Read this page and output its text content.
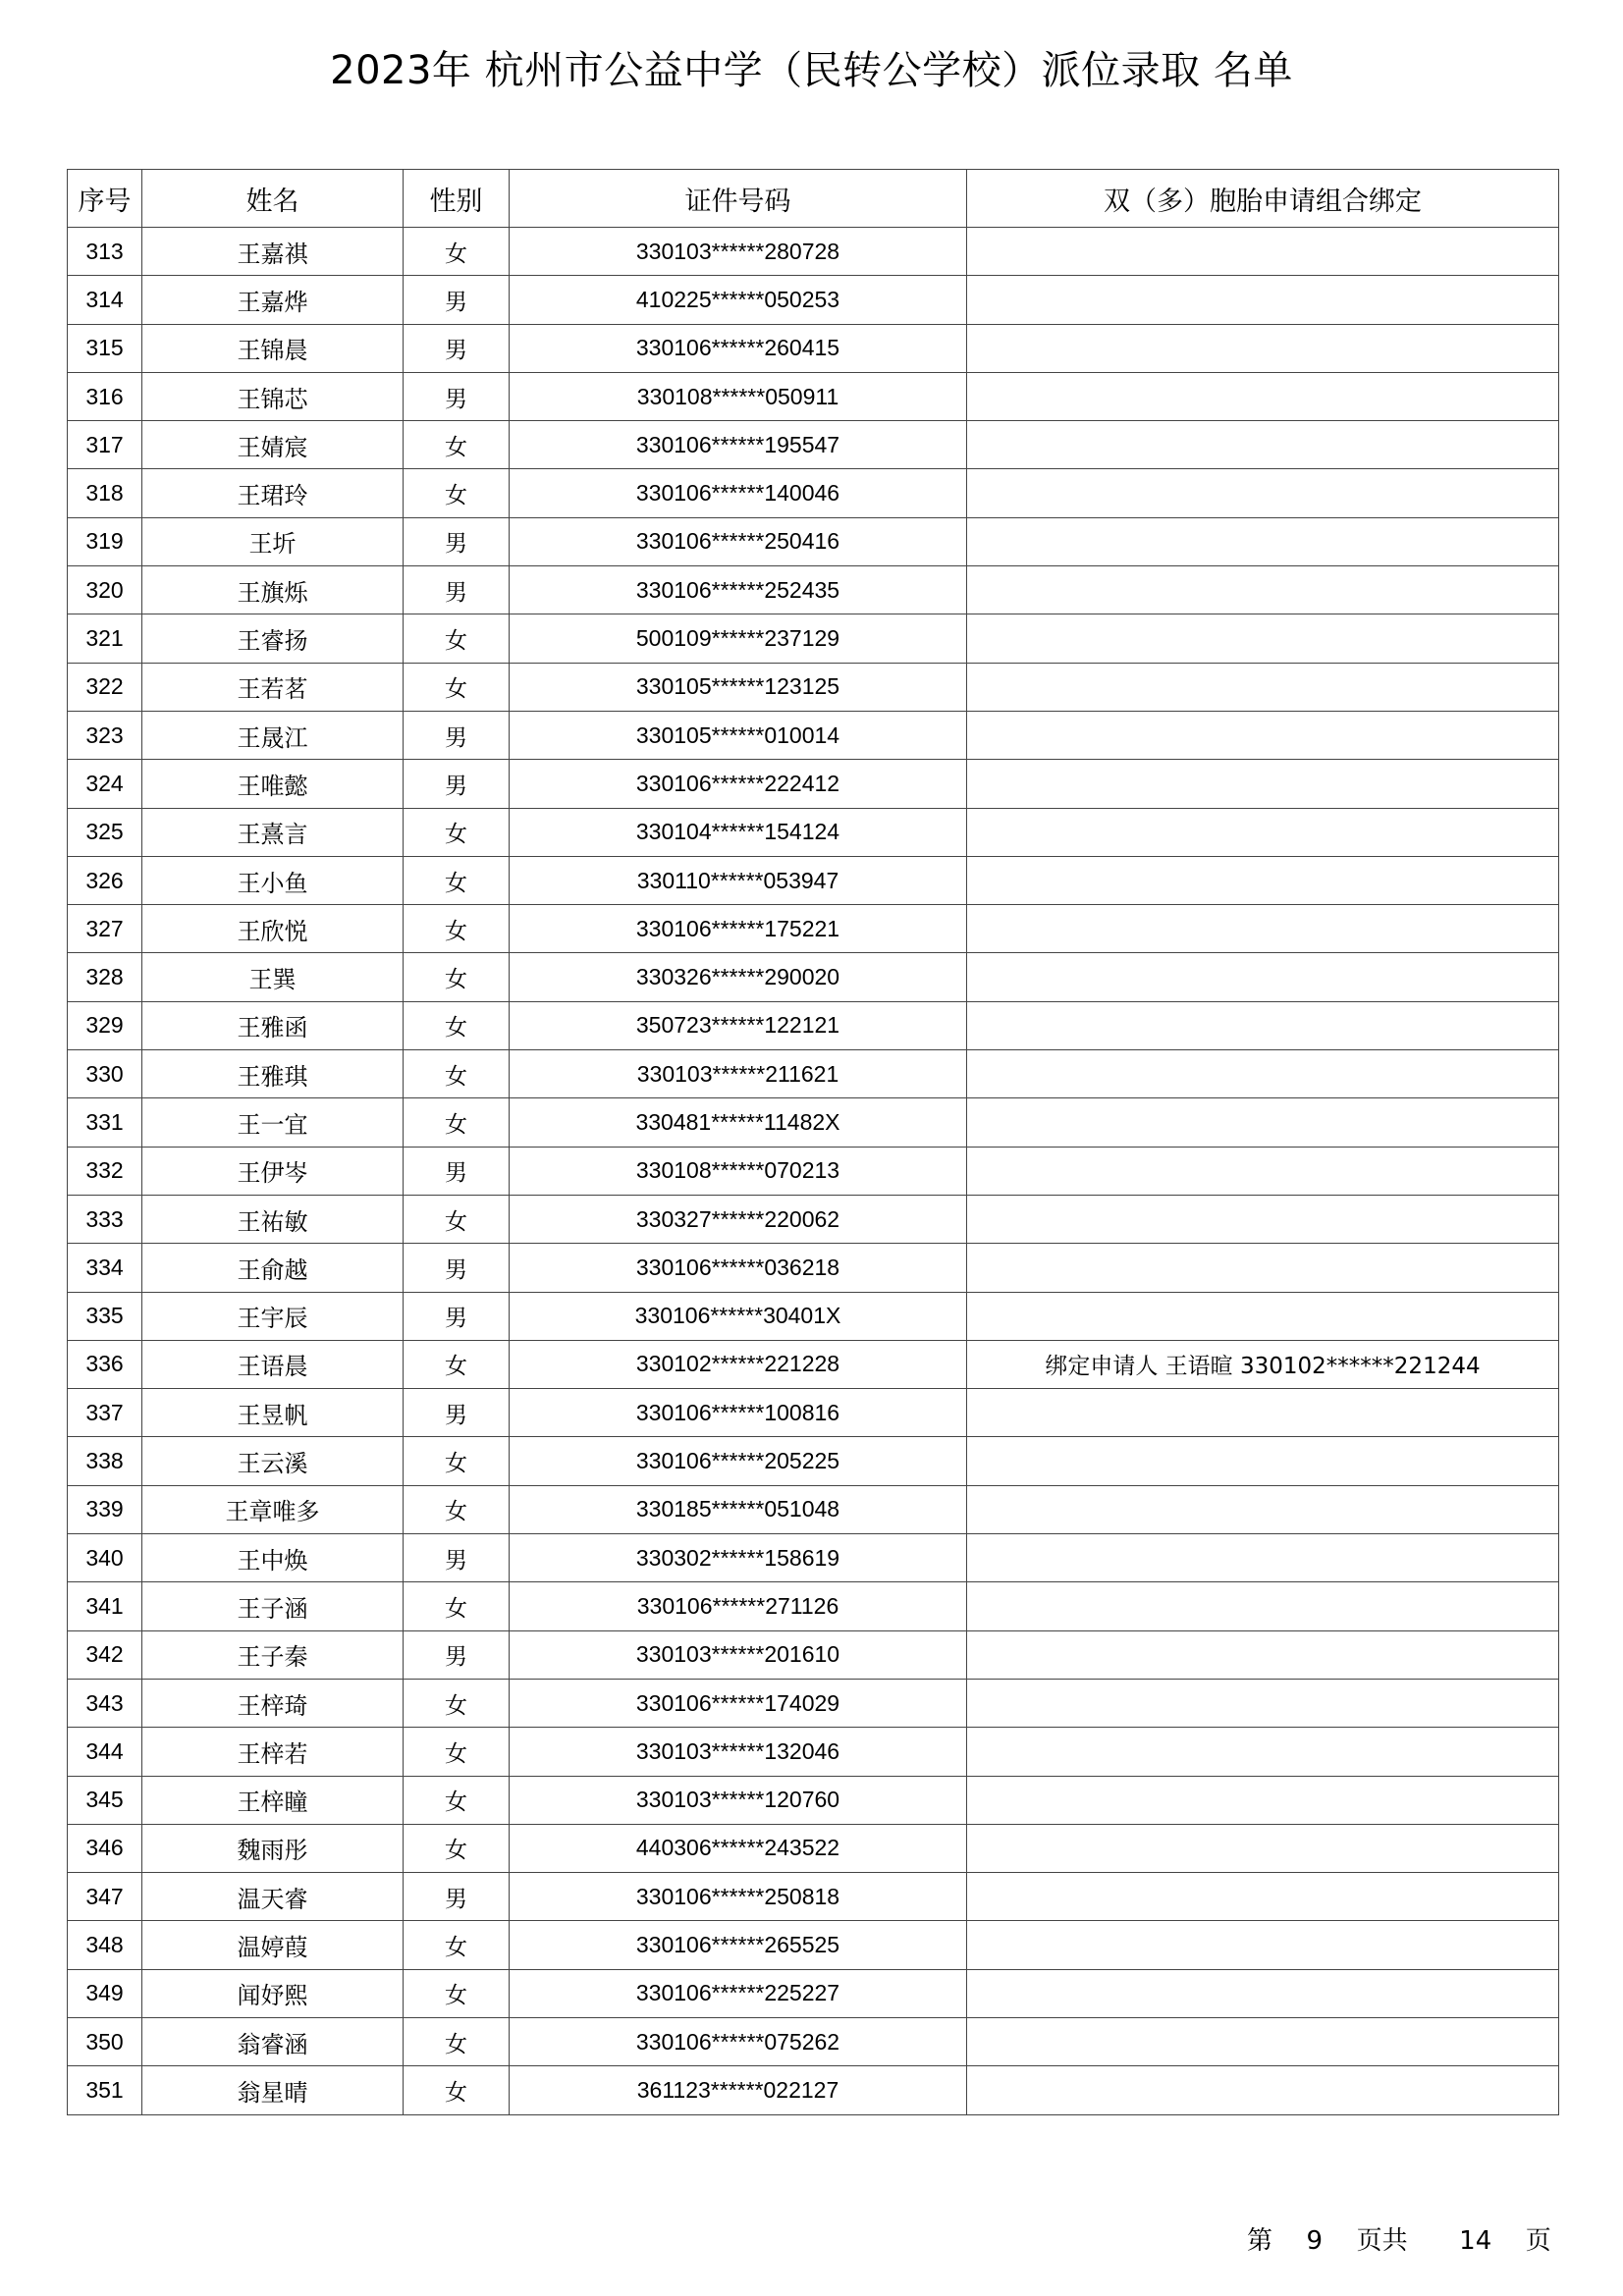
2023年 杭州市公益中学（民转公学校）派位录取 名单
序号	姓名	性别	证件号码	双（多）胞胎申请组合绑定
313	王嘉祺	女	330103******280728	
314	王嘉烨	男	410225******050253	
315	王锦晨	男	330106******260415	
316	王锦芯	男	330108******050911	
317	王婧宸	女	330106******195547	
318	王珺玲	女	330106******140046	
319	王圻	男	330106******250416	
320	王旗烁	男	330106******252435	
321	王睿扬	女	500109******237129	
322	王若茗	女	330105******123125	
323	王晟江	男	330105******010014	
324	王唯懿	男	330106******222412	
325	王熹言	女	330104******154124	
326	王小鱼	女	330110******053947	
327	王欣悦	女	330106******175221	
328	王巽	女	330326******290020	
329	王雅函	女	350723******122121	
330	王雅琪	女	330103******211621	
331	王一宜	女	330481******11482X	
332	王伊岑	男	330108******070213	
333	王祐敏	女	330327******220062	
334	王俞越	男	330106******036218	
335	王宇辰	男	330106******30401X	
336	王语晨	女	330102******221228	绑定申请人 王语暄 330102******221244
337	王昱帆	男	330106******100816	
338	王云溪	女	330106******205225	
339	王章唯多	女	330185******051048	
340	王中焕	男	330302******158619	
341	王子涵	女	330106******271126	
342	王子秦	男	330103******201610	
343	王梓琦	女	330106******174029	
344	王梓若	女	330103******132046	
345	王梓瞳	女	330103******120760	
346	魏雨彤	女	440306******243522	
347	温天睿	男	330106******250818	
348	温婷葭	女	330106******265525	
349	闻妤熙	女	330106******225227	
350	翁睿涵	女	330106******075262	
351	翁星晴	女	361123******022127	
第 9 页共 14 页
